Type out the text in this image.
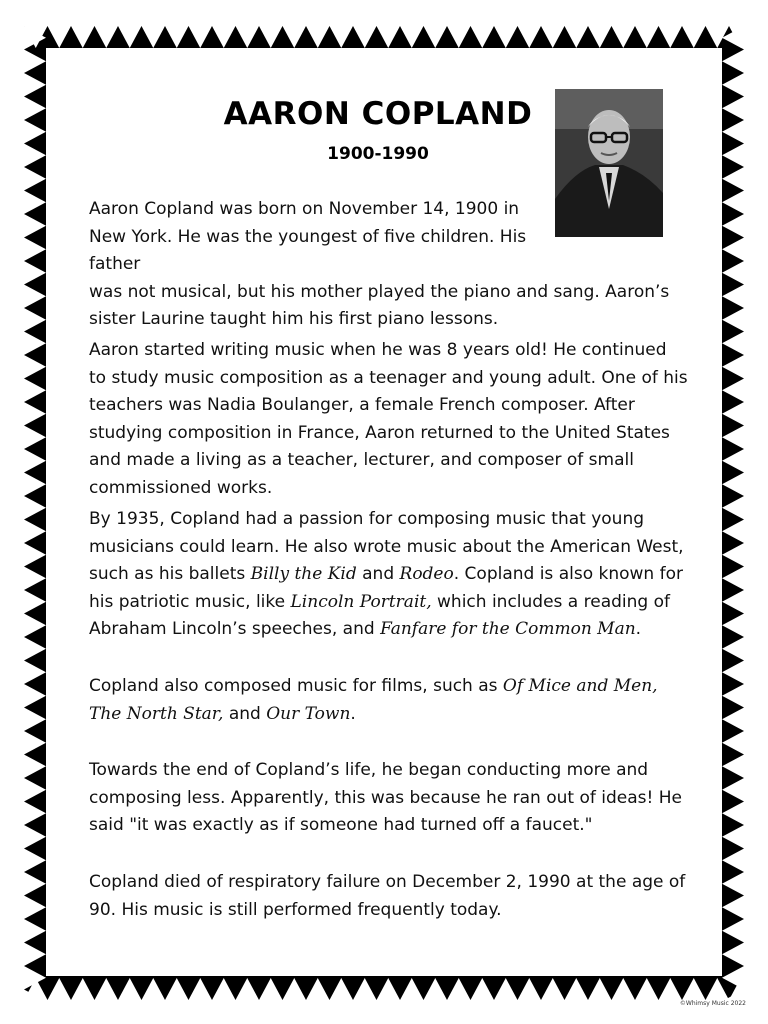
AARON COPLAND
1900-1990

Aaron Copland was born on November 14, 1900 in New York. He was the youngest of five children. His father
was not musical, but his mother played the piano and sang. Aaron’s sister Laurine taught him his first piano lessons.

Aaron started writing music when he was 8 years old! He continued to study music composition as a teenager and young adult. One of his teachers was Nadia Boulanger, a female French composer. After studying composition in France, Aaron returned to the United States and made a living as a teacher, lecturer, and composer of small commissioned works.

By 1935, Copland had a passion for composing music that young musicians could learn. He also wrote music about the American West, such as his ballets Billy the Kid and Rodeo. Copland is also known for his patriotic music, like Lincoln Portrait, which includes a reading of Abraham Lincoln’s speeches, and Fanfare for the Common Man.

Copland also composed music for films, such as Of Mice and Men, The North Star, and Our Town.

Towards the end of Copland’s life, he began conducting more and composing less. Apparently, this was because he ran out of ideas! He said "it was exactly as if someone had turned off a faucet."

Copland died of respiratory failure on December 2, 1990 at the age of 90. His music is still performed frequently today.

©Whimsy Music 2022
